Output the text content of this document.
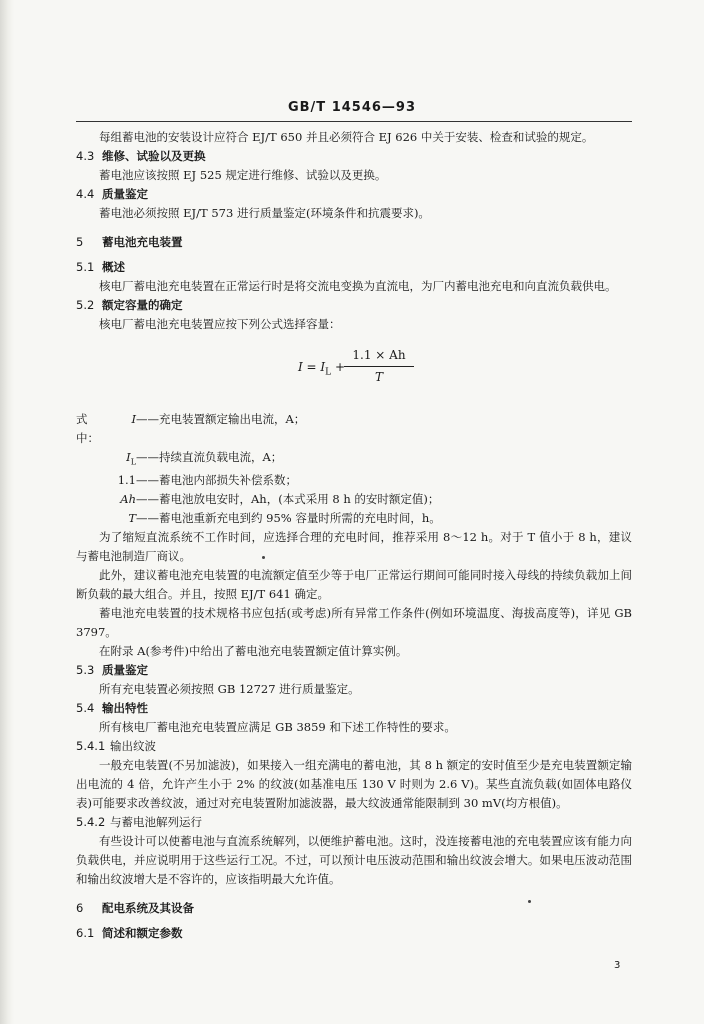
GB/T 14546—93

每组蓄电池的安装设计应符合 EJ/T 650 并且必须符合 EJ 626 中关于安装、检查和试验的规定。

4.3 维修、试验以及更换

蓄电池应该按照 EJ 525 规定进行维修、试验以及更换。

4.4 质量鉴定

蓄电池必须按照 EJ/T 573 进行质量鉴定(环境条件和抗震要求)。

5 蓄电池充电装置

5.1 概述

核电厂蓄电池充电装置在正常运行时是将交流电变换为直流电，为厂内蓄电池充电和向直流负载供电。

5.2 额定容量的确定

核电厂蓄电池充电装置应按下列公式选择容量：

$I = I_L$ +
$\frac{1.1 \times Ah}{T}$
式中：
I ——充电装置额定输出电流，A；
$I_L$ ——持续直流负载电流，A；
1.1 ——蓄电池内部损失补偿系数；
Ah ——蓄电池放电安时，Ah，(本式采用 8 h 的安时额定值)；
T ——蓄电池重新充电到约 95% 容量时所需的充电时间，h。

为了缩短直流系统不工作时间，应选择合理的充电时间，推荐采用 8～12 h。对于 T 值小于 8 h，建议与蓄电池制造厂商议。

此外，建议蓄电池充电装置的电流额定值至少等于电厂正常运行期间可能同时接入母线的持续负载加上间断负载的最大组合。并且，按照 EJ/T 641 确定。

蓄电池充电装置的技术规格书应包括(或考虑)所有异常工作条件(例如环境温度、海拔高度等)，详见 GB 3797。

在附录 A(参考件)中给出了蓄电池充电装置额定值计算实例。

5.3 质量鉴定

所有充电装置必须按照 GB 12727 进行质量鉴定。

5.4 输出特性

所有核电厂蓄电池充电装置应满足 GB 3859 和下述工作特性的要求。

5.4.1 输出纹波

一般充电装置(不另加滤波)，如果接入一组充满电的蓄电池，其 8 h 额定的安时值至少是充电装置额定输出电流的 4 倍，允许产生小于 2% 的纹波(如基准电压 130 V 时则为 2.6 V)。某些直流负载(如固体电路仪表)可能要求改善纹波，通过对充电装置附加滤波器，最大纹波通常能限制到 30 mV(均方根值)。

5.4.2 与蓄电池解列运行

有些设计可以使蓄电池与直流系统解列，以便维护蓄电池。这时，没连接蓄电池的充电装置应该有能力向负载供电，并应说明用于这些运行工况。不过，可以预计电压波动范围和输出纹波会增大。如果电压波动范围和输出纹波增大是不容许的，应该指明最大允许值。

6 配电系统及其设备

6.1 简述和额定参数

3
